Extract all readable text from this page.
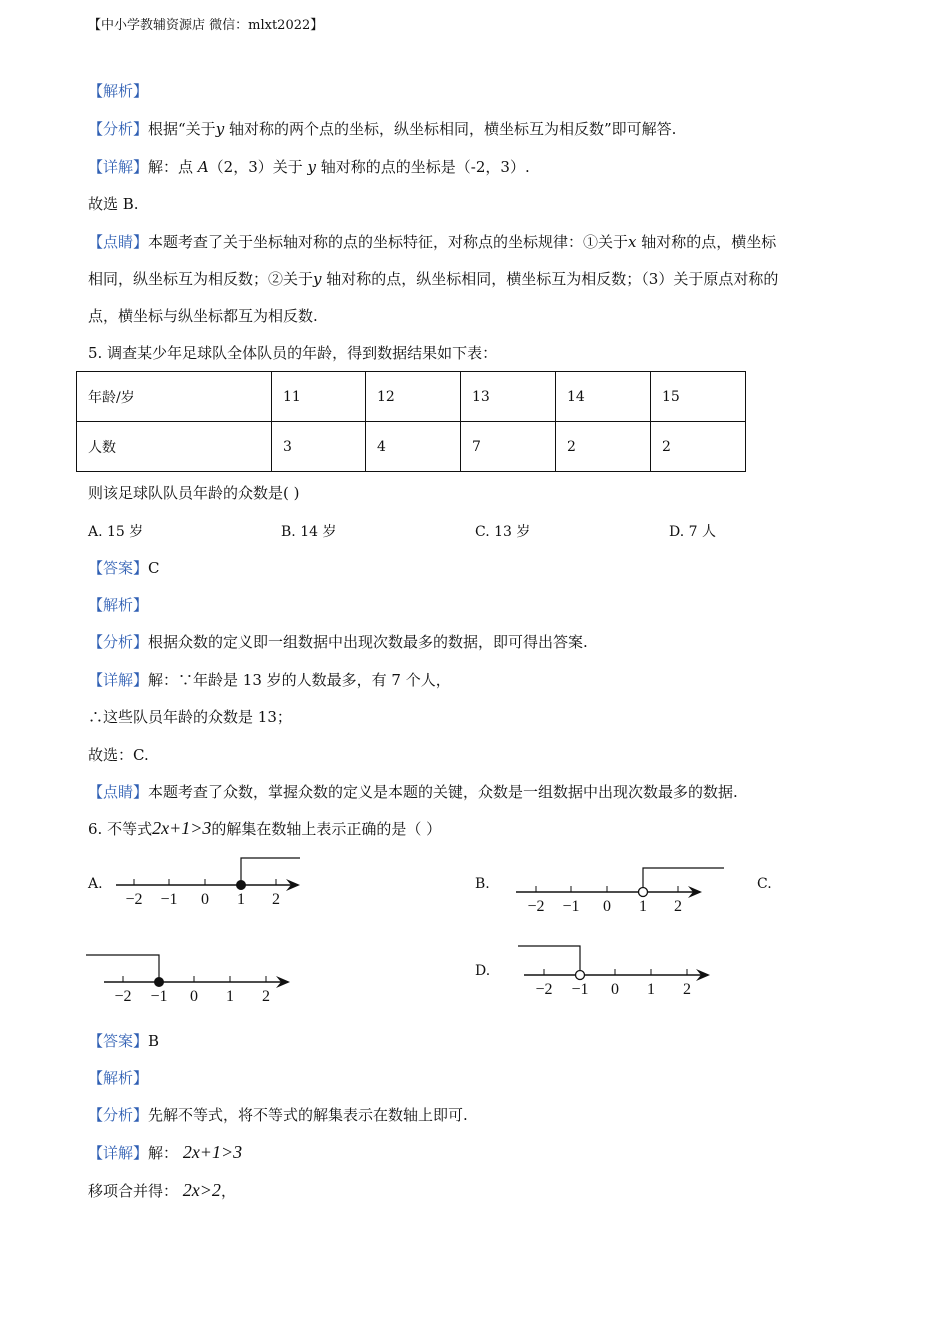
【中小学教辅资源店 微信：mlxt2022】
【解析】
【分析】根据“关于y 轴对称的两个点的坐标，纵坐标相同，横坐标互为相反数”即可解答.
【详解】解：点 A（2，3）关于 y 轴对称的点的坐标是（-2，3）.
故选 B.
【点睛】本题考查了关于坐标轴对称的点的坐标特征，对称点的坐标规律：①关于x 轴对称的点，横坐标
相同，纵坐标互为相反数；②关于y 轴对称的点，纵坐标相同，横坐标互为相反数；（3）关于原点对称的
点，横坐标与纵坐标都互为相反数.
5. 调查某少年足球队全体队员的年龄，得到数据结果如下表：
年龄/岁	11	12	13	14	15
人数	3	4	7	2	2
则该足球队队员年龄的众数是( )
A. 15 岁	B. 14 岁	C. 13 岁	D. 7 人
【答案】C
【解析】
【分析】根据众数的定义即一组数据中出现次数最多的数据，即可得出答案.
【详解】解：∵年龄是 13 岁的人数最多，有 7 个人，
∴这些队员年龄的众数是 13；
故选：C.
【点睛】本题考查了众数，掌握众数的定义是本题的关键，众数是一组数据中出现次数最多的数据.
6. 不等式2x+1>3的解集在数轴上表示正确的是（ ）
A.	B.	C.
D.
−2 −1 0 1 2	−2 −1 0 1 2
−2 −1 0 1 2	−2 −1 0 1 2
【答案】B
【解析】
【分析】先解不等式，将不等式的解集表示在数轴上即可.
【详解】解： 2x+1>3
移项合并得： 2x>2，
